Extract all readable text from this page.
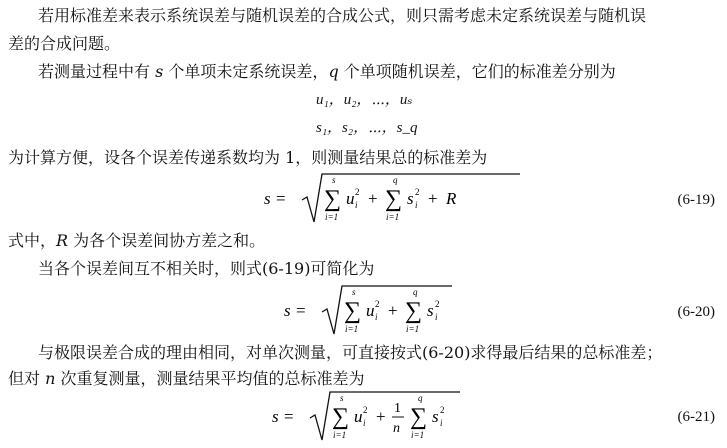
若用标准差来表示系统误差与随机误差的合成公式，则只需考虑未定系统误差与随机误
差的合成问题。
若测量过程中有 s 个单项未定系统误差，q 个单项随机误差，它们的标准差分别为
u₁，u₂，⋯，uₛ
s₁，s₂，⋯，s_q
为计算方便，设各个误差传递系数均为 1，则测量结果总的标准差为
s =
s
∑
i=1
u 2
i +
q
∑
i=1
s 2
i + R	(6-19)
式中，R 为各个误差间协方差之和。
当各个误差间互不相关时，则式(6-19)可简化为
s =
s
∑
i=1
u 2
i +
q
∑
i=1
s 2
i	(6-20)
与极限误差合成的理由相同，对单次测量，可直接按式(6-20)求得最后结果的总标准差；
但对 n 次重复测量，测量结果平均值的总标准差为
s =
s
∑
i=1
u 2
i + 1
n
q
∑
i=1
s 2
i	(6-21)
